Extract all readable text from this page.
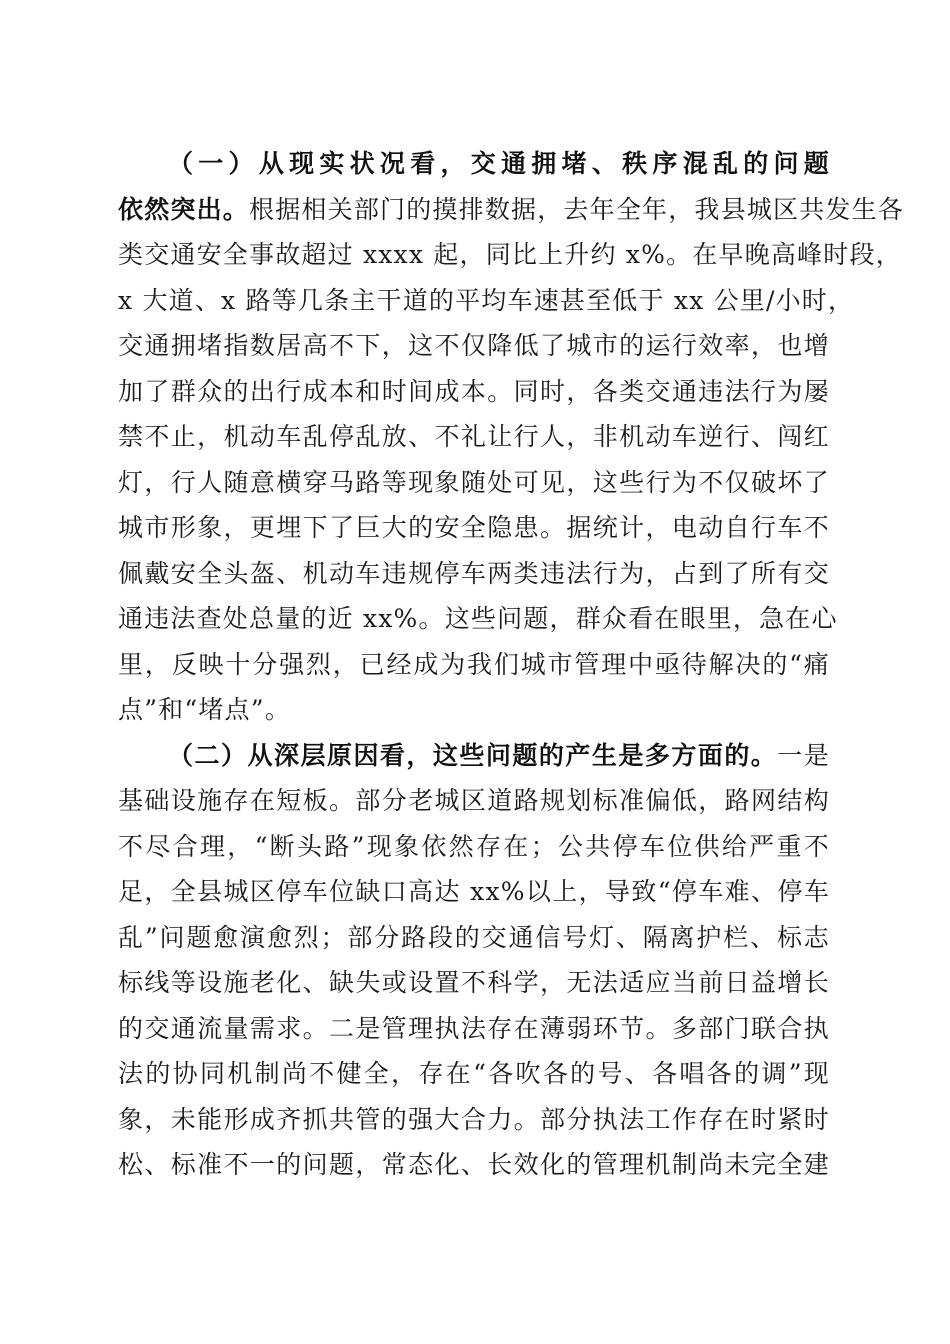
（一）从现实状况看，交通拥堵、秩序混乱的问题
依然突出。根据相关部门的摸排数据，去年全年，我县城区共发生各
类交通安全事故超过 xxxx 起，同比上升约 x%。在早晚高峰时段，
x 大道、x 路等几条主干道的平均车速甚至低于 xx 公里/小时，
交通拥堵指数居高不下，这不仅降低了城市的运行效率，也增
加了群众的出行成本和时间成本。同时，各类交通违法行为屡
禁不止，机动车乱停乱放、不礼让行人，非机动车逆行、闯红
灯，行人随意横穿马路等现象随处可见，这些行为不仅破坏了
城市形象，更埋下了巨大的安全隐患。据统计，电动自行车不
佩戴安全头盔、机动车违规停车两类违法行为，占到了所有交
通违法查处总量的近 xx%。这些问题，群众看在眼里，急在心
里，反映十分强烈，已经成为我们城市管理中亟待解决的“痛
点”和“堵点”。
（二）从深层原因看，这些问题的产生是多方面的。一是
基础设施存在短板。部分老城区道路规划标准偏低，路网结构
不尽合理，“断头路”现象依然存在；公共停车位供给严重不
足，全县城区停车位缺口高达 xx%以上，导致“停车难、停车
乱”问题愈演愈烈；部分路段的交通信号灯、隔离护栏、标志
标线等设施老化、缺失或设置不科学，无法适应当前日益增长
的交通流量需求。二是管理执法存在薄弱环节。多部门联合执
法的协同机制尚不健全，存在“各吹各的号、各唱各的调”现
象，未能形成齐抓共管的强大合力。部分执法工作存在时紧时
松、标准不一的问题，常态化、长效化的管理机制尚未完全建
